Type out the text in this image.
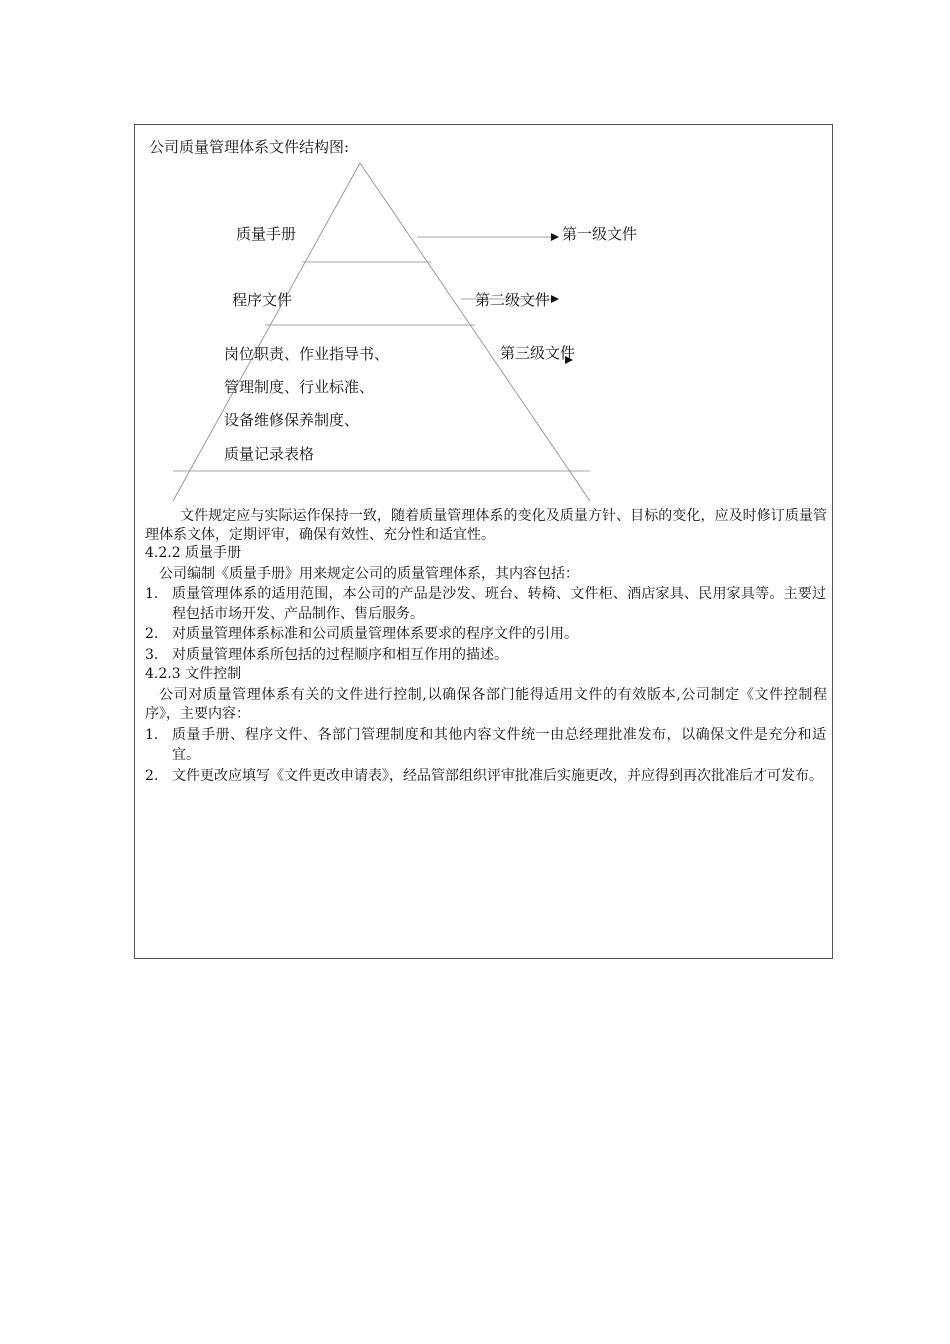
公司质量管理体系文件结构图:
质量手册	第一级文件
程序文件	第二级文件
岗位职责、作业指导书、
管理制度、行业标准、
设备维修保养制度、
质量记录表格
第三级文件
文件规定应与实际运作保持一致，随着质量管理体系的变化及质量方针、目标的变化，应及时修订质量管理体系文体，定期评审，确保有效性、充分性和适宜性。
4.2.2 质量手册
公司编制《质量手册》用来规定公司的质量管理体系，其内容包括：
1. 质量管理体系的适用范围，本公司的产品是沙发、班台、转椅、文件柜、酒店家具、民用家具等。主要过程包括市场开发、产品制作、售后服务。
2. 对质量管理体系标准和公司质量管理体系要求的程序文件的引用。
3. 对质量管理体系所包括的过程顺序和相互作用的描述。
4.2.3 文件控制
公司对质量管理体系有关的文件进行控制,以确保各部门能得适用文件的有效版本,公司制定《文件控制程序》，主要内容：
1. 质量手册、程序文件、各部门管理制度和其他内容文件统一由总经理批准发布，以确保文件是充分和适宜。
2. 文件更改应填写《文件更改申请表》，经品管部组织评审批准后实施更改，并应得到再次批准后才可发布。
